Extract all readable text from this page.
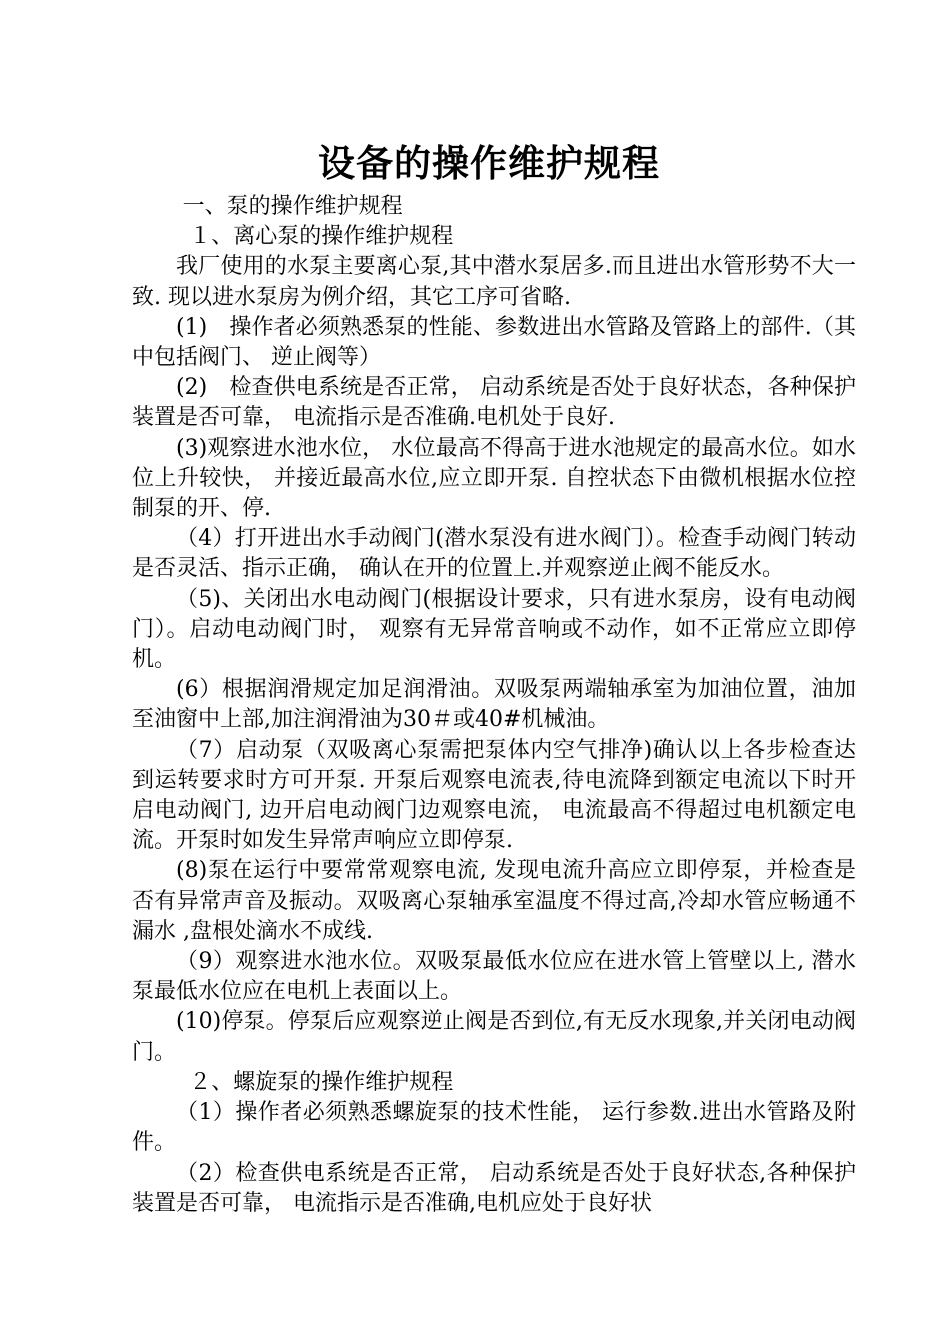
设备的操作维护规程

一、泵的操作维护规程

１、离心泵的操作维护规程

我厂使用的水泵主要离心泵,其中潜水泵居多.而且进出水管形势不大一致. 现以进水泵房为例介绍，其它工序可省略.

(1)　操作者必须熟悉泵的性能、参数进出水管路及管路上的部件.（其中包括阀门、 逆止阀等）

(2)　检查供电系统是否正常， 启动系统是否处于良好状态，各种保护装置是否可靠， 电流指示是否准确.电机处于良好.

(3)观察进水池水位， 水位最高不得高于进水池规定的最高水位。如水位上升较快， 并接近最高水位,应立即开泵. 自控状态下由微机根据水位控制泵的开、停.

（4）打开进出水手动阀门(潜水泵没有进水阀门）。检查手动阀门转动是否灵活、指示正确， 确认在开的位置上.并观察逆止阀不能反水。

（5)、关闭出水电动阀门(根据设计要求，只有进水泵房，设有电动阀门）。启动电动阀门时， 观察有无异常音响或不动作，如不正常应立即停机。

(6）根据润滑规定加足润滑油。双吸泵两端轴承室为加油位置，油加至油窗中上部,加注润滑油为30＃或40#机械油。

（7）启动泵（双吸离心泵需把泵体内空气排净)确认以上各步检查达到运转要求时方可开泵. 开泵后观察电流表,待电流降到额定电流以下时开启电动阀门, 边开启电动阀门边观察电流， 电流最高不得超过电机额定电流。开泵时如发生异常声响应立即停泵.

(8)泵在运行中要常常观察电流, 发现电流升高应立即停泵，并检查是否有异常声音及振动。双吸离心泵轴承室温度不得过高,冷却水管应畅通不漏水 ,盘根处滴水不成线.

（9）观察进水池水位。双吸泵最低水位应在进水管上管壁以上, 潜水泵最低水位应在电机上表面以上。

(10)停泵。停泵后应观察逆止阀是否到位,有无反水现象,并关闭电动阀门。

２、螺旋泵的操作维护规程

（1）操作者必须熟悉螺旋泵的技术性能， 运行参数.进出水管路及附件。

（2）检查供电系统是否正常， 启动系统是否处于良好状态,各种保护装置是否可靠， 电流指示是否准确,电机应处于良好状
